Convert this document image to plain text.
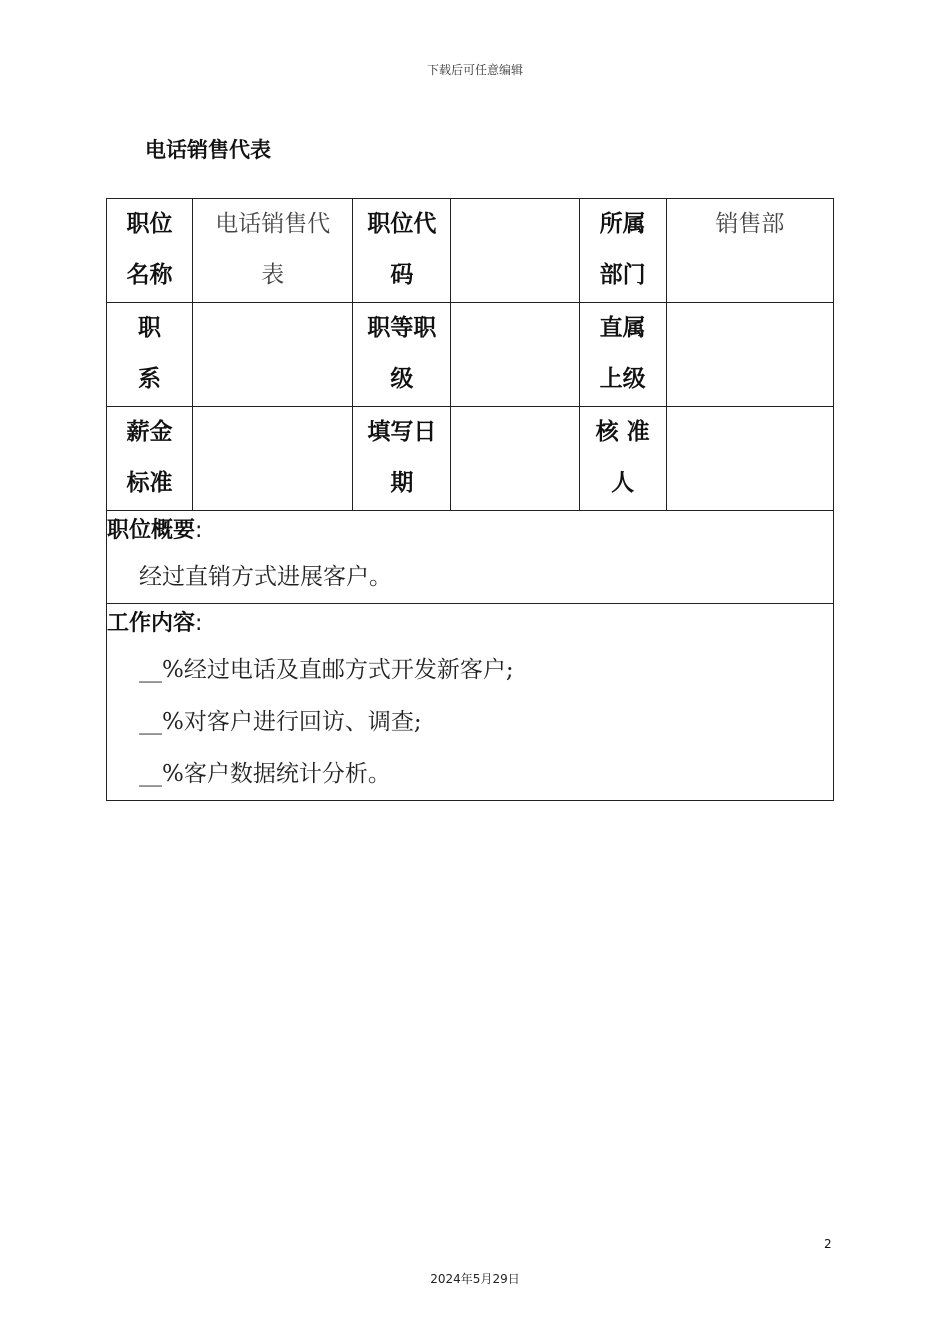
下载后可任意编辑
电话销售代表
职位名称	电话销售代表	职位代码		所属部门	销售部

职 系		职等职级		直属上级	

薪金标准		填写日期		核 准 人	

职位概要:
经过直销方式进展客户。					

工作内容:
__%经过电话及直邮方式开发新客户;
__%对客户进行回访、调查;
__%客户数据统计分析。					
2
2024年5月29日
